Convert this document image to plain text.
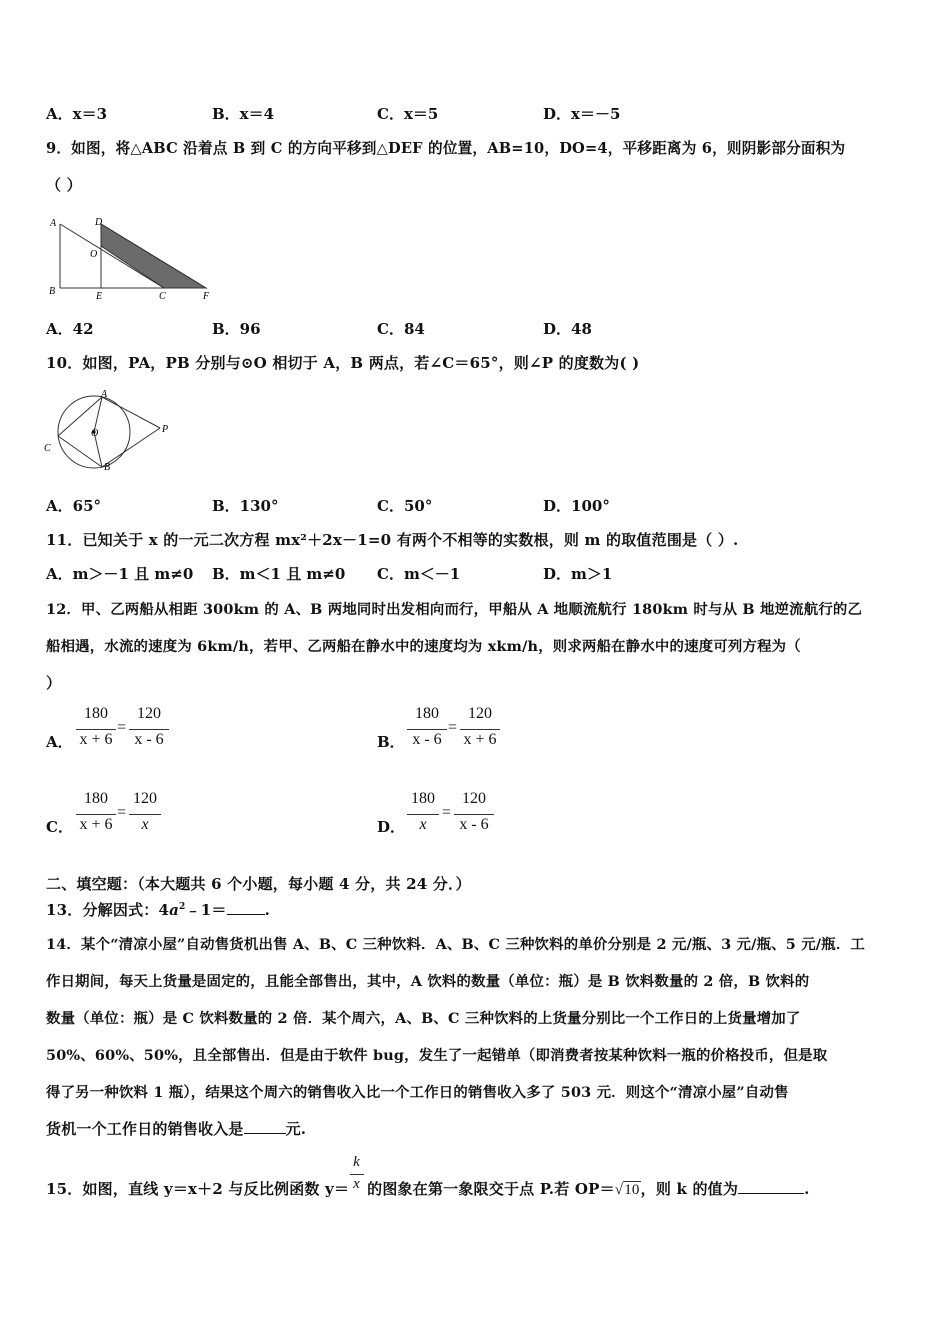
A．x＝3	B．x＝4	C．x＝5	D．x＝－5
9．如图，将△ABC 沿着点 B 到 C 的方向平移到△DEF 的位置，AB=10，DO=4，平移距离为 6，则阴影部分面积为
（ ）
A	D
O
B	E	C	F
A．42	B．96	C．84	D．48
10．如图，PA，PB 分别与⊙O 相切于 A，B 两点，若∠C＝65°，则∠P 的度数为( )
A
O	P
C
B
A．65°	B．130°	C．50°	D．100°
11．已知关于 x 的一元二次方程 mx²＋2x－1=0 有两个不相等的实数根，则 m 的取值范围是（ ）.
A．m＞－1 且 m≠0 B．m＜1 且 m≠0 C．m＜－1	D．m＞1
12．甲、乙两船从相距 300km 的 A、B 两地同时出发相向而行，甲船从 A 地顺流航行 180km 时与从 B 地逆流航行的乙
船相遇，水流的速度为 6km/h，若甲、乙两船在静水中的速度均为 xkm/h，则求两船在静水中的速度可列方程为（
）
A．
180
x + 6
=
120
x - 6	B．
180
x - 6
=
120
x + 6
C．
180
x + 6
=
120
x	D．
180
x
=
120
x - 6
二、填空题：（本大题共 6 个小题，每小题 4 分，共 24 分．）
13．分解因式：$4a^2﹣1=$	.
14．某个“清凉小屋”自动售货机出售 A、B、C 三种饮料．A、B、C 三种饮料的单价分别是 2 元/瓶、3 元/瓶、5 元/瓶．工
作日期间，每天上货量是固定的，且能全部售出，其中，A 饮料的数量（单位：瓶）是 B 饮料数量的 2 倍，B 饮料的
数量（单位：瓶）是 C 饮料数量的 2 倍．某个周六，A、B、C 三种饮料的上货量分别比一个工作日的上货量增加了
50%、60%、50%，且全部售出．但是由于软件 bug，发生了一起错单（即消费者按某种饮料一瓶的价格投币，但是取
得了另一种饮料 1 瓶），结果这个周六的销售收入比一个工作日的销售收入多了 503 元．则这个“清凉小屋”自动售
货机一个工作日的销售收入是	元.
15．如图，直线 y＝x＋2 与反比例函数 $y= \frac{k}{x}$ 的图象在第一象限交于点 P.若 OP＝√10，则 k 的值为	.
